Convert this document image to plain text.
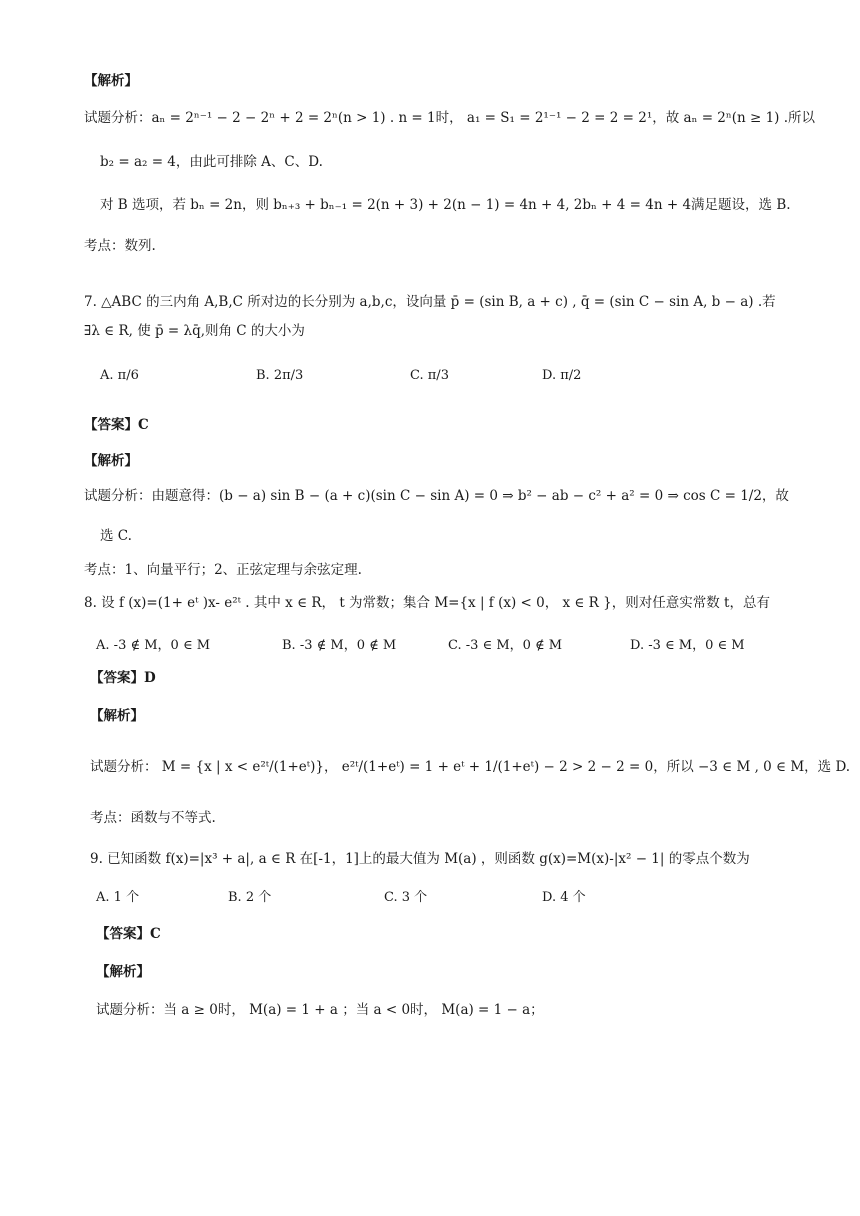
【解析】
试题分析：aₙ = 2ⁿ⁻¹ − 2 − 2ⁿ + 2 = 2ⁿ(n > 1) . n = 1时， a₁ = S₁ = 2¹⁻¹ − 2 = 2 = 2¹，故 aₙ = 2ⁿ(n ≥ 1) .所以
b₂ = a₂ = 4，由此可排除 A、C、D.
对 B 选项，若 bₙ = 2n，则 bₙ₊₃ + bₙ₋₁ = 2(n + 3) + 2(n − 1) = 4n + 4, 2bₙ + 4 = 4n + 4满足题设，选 B.
考点：数列.
7. △ABC 的三内角 A,B,C 所对边的长分别为 a,b,c，设向量 p̄ = (sin B, a + c) , q̄ = (sin C − sin A, b − a) .若
∃λ ∈ R, 使 p̄ = λq̄,则角 C 的大小为
A. π/6	B. 2π/3	C. π/3	D. π/2
【答案】C
【解析】
试题分析：由题意得：(b − a) sin B − (a + c)(sin C − sin A) = 0 ⇒ b² − ab − c² + a² = 0 ⇒ cos C = 1/2，故
选 C.
考点：1、向量平行；2、正弦定理与余弦定理.
8. 设 f (x)=(1+ eᵗ )x- e²ᵗ . 其中 x ∈ R， t 为常数；集合 M={x | f (x) < 0， x ∈ R }，则对任意实常数 t，总有
A. -3 ∉ M，0 ∈ M	B. -3 ∉ M，0 ∉ M	C. -3 ∈ M，0 ∉ M	D. -3 ∈ M，0 ∈ M
【答案】D
【解析】
试题分析： M = {x | x < e²ᵗ/(1+eᵗ)}， e²ᵗ/(1+eᵗ) = 1 + eᵗ + 1/(1+eᵗ) − 2 > 2 − 2 = 0，所以 −3 ∈ M , 0 ∈ M，选 D.
考点：函数与不等式.
9. 已知函数 f(x)=|x³ + a|, a ∈ R 在[-1，1]上的最大值为 M(a) ，则函数 g(x)=M(x)-|x² − 1| 的零点个数为
A. 1 个	B. 2 个	C. 3 个	D. 4 个
【答案】C
【解析】
试题分析：当 a ≥ 0时， M(a) = 1 + a ；当 a < 0时， M(a) = 1 − a；
